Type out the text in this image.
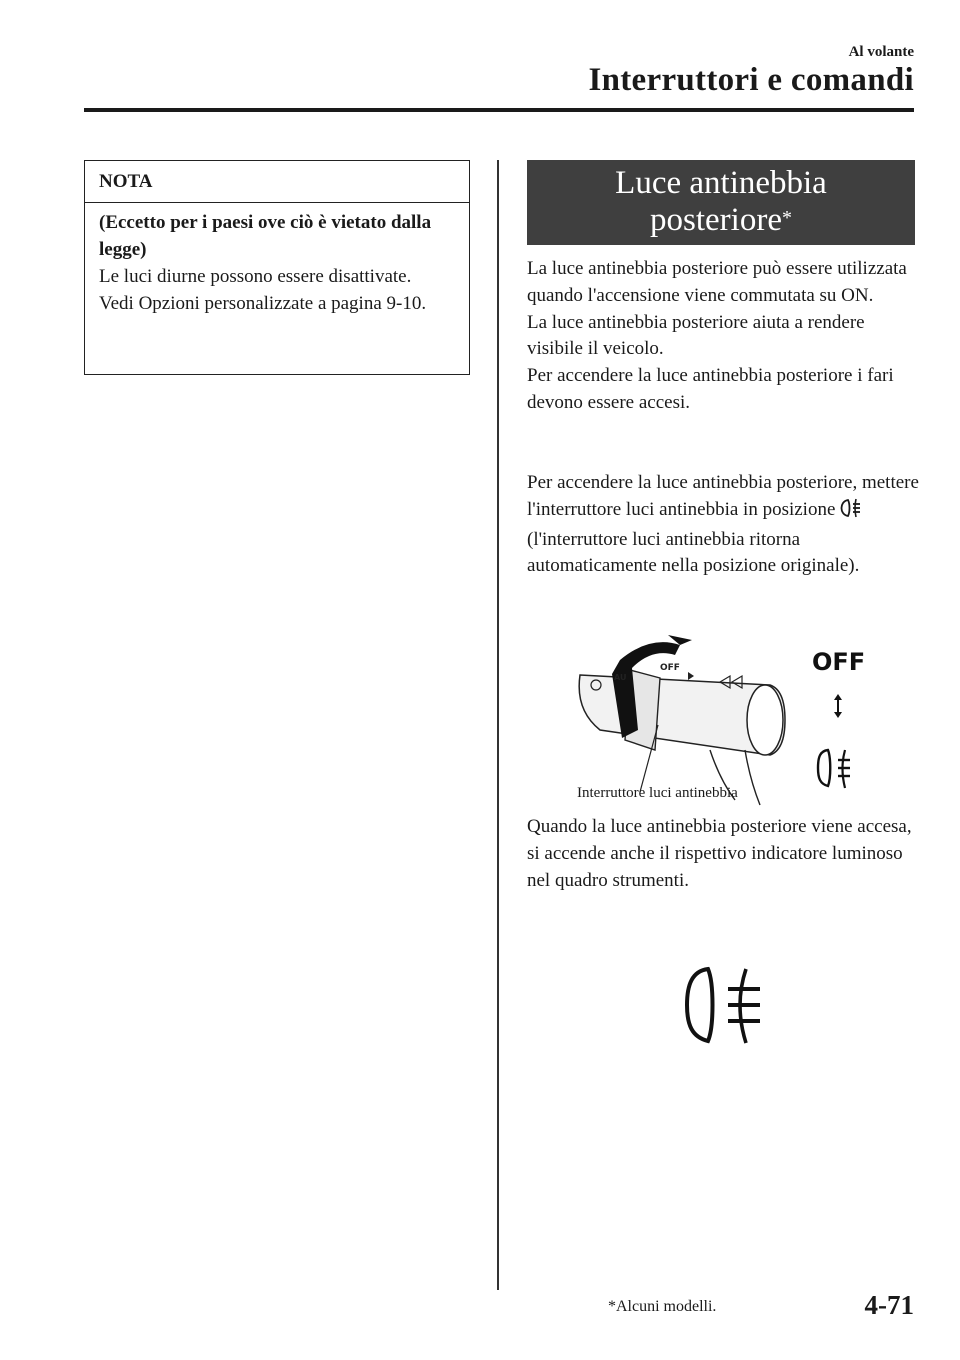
Al volante
Interruttori e comandi
NOTA
(Eccetto per i paesi ove ciò è vietato dalla legge)
Le luci diurne possono essere disattivate.
Vedi Opzioni personalizzate a pagina 9-10.
Luce antinebbia
posteriore*
La luce antinebbia posteriore può essere utilizzata quando l'accensione viene commutata su ON.
La luce antinebbia posteriore aiuta a rendere visibile il veicolo.
Per accendere la luce antinebbia posteriore i fari devono essere accesi.
Per accendere la luce antinebbia posteriore, mettere l'interruttore luci antinebbia in posizione  (l'interruttore luci antinebbia ritorna automaticamente nella posizione originale).
OFF
AU
OFF
Interruttore luci antinebbia
Quando la luce antinebbia posteriore viene accesa, si accende anche il rispettivo indicatore luminoso nel quadro strumenti.
*Alcuni modelli.	4-71
